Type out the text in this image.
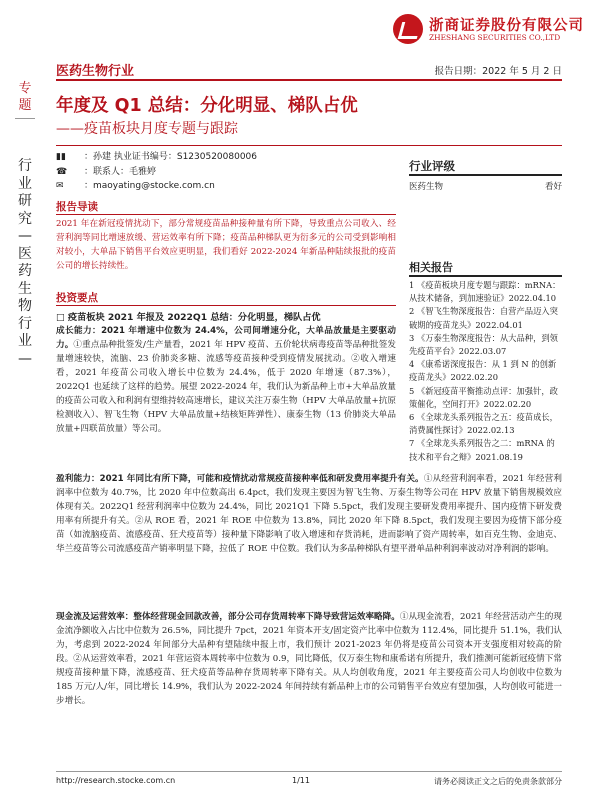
浙商证券股份有限公司
ZHESHANG SECURITIES CO.,LTD
医药生物行业	报告日期：2022 年 5 月 2 日
专题
行业研究—医药生物行业—
年度及 Q1 总结：分化明显、梯队占优
——疫苗板块月度专题与跟踪
▮▮ ：孙建 执业证书编号：S1230520080006
☎ ：联系人：毛雅婷
✉ ：maoyating@stocke.com.cn
行业评级
医药生物	看好
相关报告
1 《疫苗板块月度专题与跟踪：mRNA：从技术储备，到加速验证》2022.04.10
2 《智飞生物深度报告：自营产品迈入突破期的疫苗龙头》2022.04.01
3 《万泰生物深度报告：从大品种，到领先疫苗平台》2022.03.07
4 《康希诺深度报告：从 1 到 N 的创新疫苗龙头》2022.02.20
5 《新冠疫苗平衡推动点评：加强针，政策催化，空间打开》2022.02.20
6 《全球龙头系列报告之五：疫苗成长，消费属性探讨》2022.02.13
7 《全球龙头系列报告之二：mRNA 的技术和平台之辩》2021.08.19
报告导读
2021 年在新冠疫情扰动下，部分常规疫苗品种接种量有所下降，导致重点公司收入、经营利润等同比增速放缓、营运效率有所下降；疫苗品种梯队更为衍多元的公司受到影响相对较小，大单品下销售平台效应更明显，我们看好 2022-2024 年新品种陆续报批的疫苗公司的增长持续性。
投资要点
□ 疫苗板块 2021 年报及 2022Q1 总结：分化明显，梯队占优
成长能力：2021 年增速中位数为 24.4%，公司间增速分化，大单品放量是主要驱动力。①重点品种批签发/生产量看，2021 年 HPV 疫苗、五价轮状病毒疫苗等品种批签发量增速较快，流脑、23 价肺炎多糖、流感等疫苗接种受到疫情发展扰动。②收入增速看，2021 年疫苗公司收入增长中位数为 24.4%，低于 2020 年增速（87.3%），2022Q1 也延续了这样的趋势。展望 2022-2024 年，我们认为新品种上市+大单品放量的疫苗公司收入和利润有望维持较高速增长，建议关注万泰生物（HPV 大单品放量+抗原检测收入）、智飞生物（HPV 大单品放量+结核矩阵弹性）、康泰生物（13 价肺炎大单品放量+四联苗放量）等公司。
盈利能力：2021 年同比有所下降，可能和疫情扰动常规疫苗接种率低和研发费用率提升有关。①从经营利润率看，2021 年经营利润率中位数为 40.7%，比 2020 年中位数高出 6.4pct，我们发现主要因为智飞生物、万泰生物等公司在 HPV 放量下销售规模效应体现有关。2022Q1 经营利润率中位数为 24.4%，同比 2021Q1 下降 5.5pct，我们发现主要研发费用率提升、国内疫情下研发费用率有所提升有关。②从 ROE 看，2021 年 ROE 中位数为 13.8%，同比 2020 年下降 8.5pct，我们发现主要因为疫情下部分疫苗（如流脑疫苗、流感疫苗、狂犬疫苗等）接种量下降影响了收入增速和存货消耗，进而影响了资产周转率，如百克生物、金迪克、华兰疫苗等公司流感疫苗产销率明显下降，拉低了 ROE 中位数。我们认为多品种梯队有望平滑单品种利润率波动对净利润的影响。
现金流及运营效率：整体经营现金回款改善，部分公司存货周转率下降导致营运效率略降。①从现金流看，2021 年经营活动产生的现金流净额收入占比中位数为 26.5%，同比提升 7pct，2021 年资本开支/固定资产比率中位数为 112.4%，同比提升 51.1%，我们认为，考虑到 2022-2024 年间部分大品种有望陆续申报上市，我们预计 2021-2023 年仍将是疫苗公司资本开支强度相对较高的阶段。②从运营效率看，2021 年营运资本周转率中位数为 0.9，同比降低，仅万泰生物和康希诺有所提升，我们推测可能新冠疫情下常规疫苗接种量下降，流感疫苗、狂犬疫苗等品种存货周转率下降有关。从人均创收角度，2021 年主要疫苗公司人均创收中位数为 185 万元/人/年，同比增长 14.9%，我们认为 2022-2024 年间持续有新品种上市的公司销售平台效应有望加强，人均创收可能进一步增长。
http://research.stocke.com.cn	1/11	请务必阅读正文之后的免责条款部分
